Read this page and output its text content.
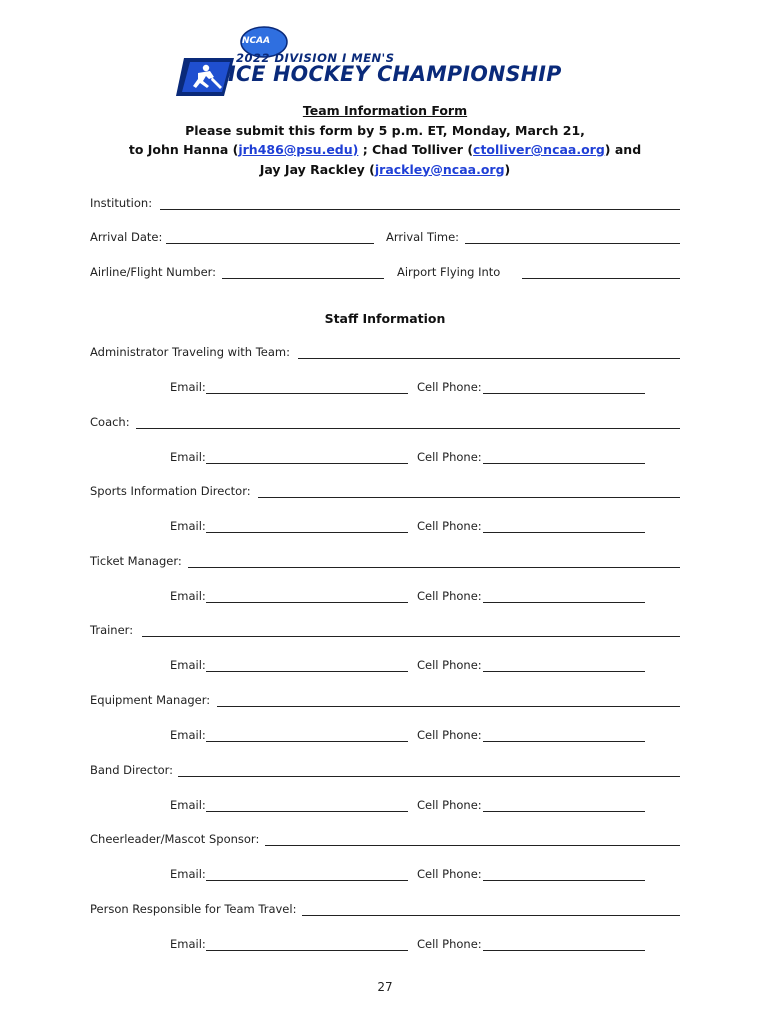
NCAA
2022 DIVISION I MEN'S
ICE HOCKEY CHAMPIONSHIP
Team Information Form
Please submit this form by 5 p.m. ET, Monday, March 21,
to John Hanna (jrh486@psu.edu) ; Chad Tolliver (ctolliver@ncaa.org) and
Jay Jay Rackley (jrackley@ncaa.org)
Institution:
Arrival Date:	Arrival Time:
Airline/Flight Number:	Airport Flying Into
Staff Information
Administrator Traveling with Team:
Email:	Cell Phone:
Coach:
Email:	Cell Phone:
Sports Information Director:
Email:	Cell Phone:
Ticket Manager:
Email:	Cell Phone:
Trainer:
Email:	Cell Phone:
Equipment Manager:
Email:	Cell Phone:
Band Director:
Email:	Cell Phone:
Cheerleader/Mascot Sponsor:
Email:	Cell Phone:
Person Responsible for Team Travel:
Email:	Cell Phone:
27
